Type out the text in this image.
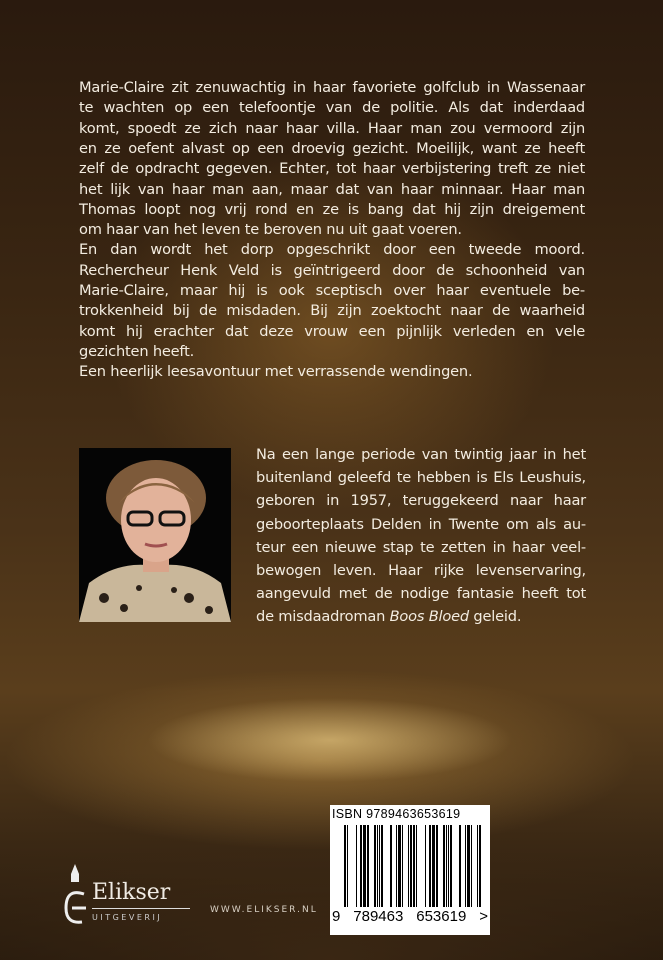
Marie-Claire zit zenuwachtig in haar favoriete golfclub in Wassenaar
te wachten op een telefoontje van de politie. Als dat inderdaad
komt, spoedt ze zich naar haar villa. Haar man zou vermoord zijn
en ze oefent alvast op een droevig gezicht. Moeilijk, want ze heeft
zelf de opdracht gegeven. Echter, tot haar verbijstering treft ze niet
het lijk van haar man aan, maar dat van haar minnaar. Haar man
Thomas loopt nog vrij rond en ze is bang dat hij zijn dreigement
om haar van het leven te beroven nu uit gaat voeren.
En dan wordt het dorp opgeschrikt door een tweede moord.
Rechercheur Henk Veld is geïntrigeerd door de schoonheid van
Marie-Claire, maar hij is ook sceptisch over haar eventuele be-
trokkenheid bij de misdaden. Bij zijn zoektocht naar de waarheid
komt hij erachter dat deze vrouw een pijnlijk verleden en vele
gezichten heeft.
Een heerlijk leesavontuur met verrassende wendingen.
Na een lange periode van twintig jaar in het
buitenland geleefd te hebben is Els Leushuis,
geboren in 1957, teruggekeerd naar haar
geboorteplaats Delden in Twente om als au-
teur een nieuwe stap te zetten in haar veel-
bewogen leven. Haar rijke levenservaring,
aangevuld met de nodige fantasie heeft tot
de misdaadroman Boos Bloed geleid.
ISBN 9789463653619
9 789463 653619 >
Elikser
UITGEVERIJ
WWW.ELIKSER.NL
